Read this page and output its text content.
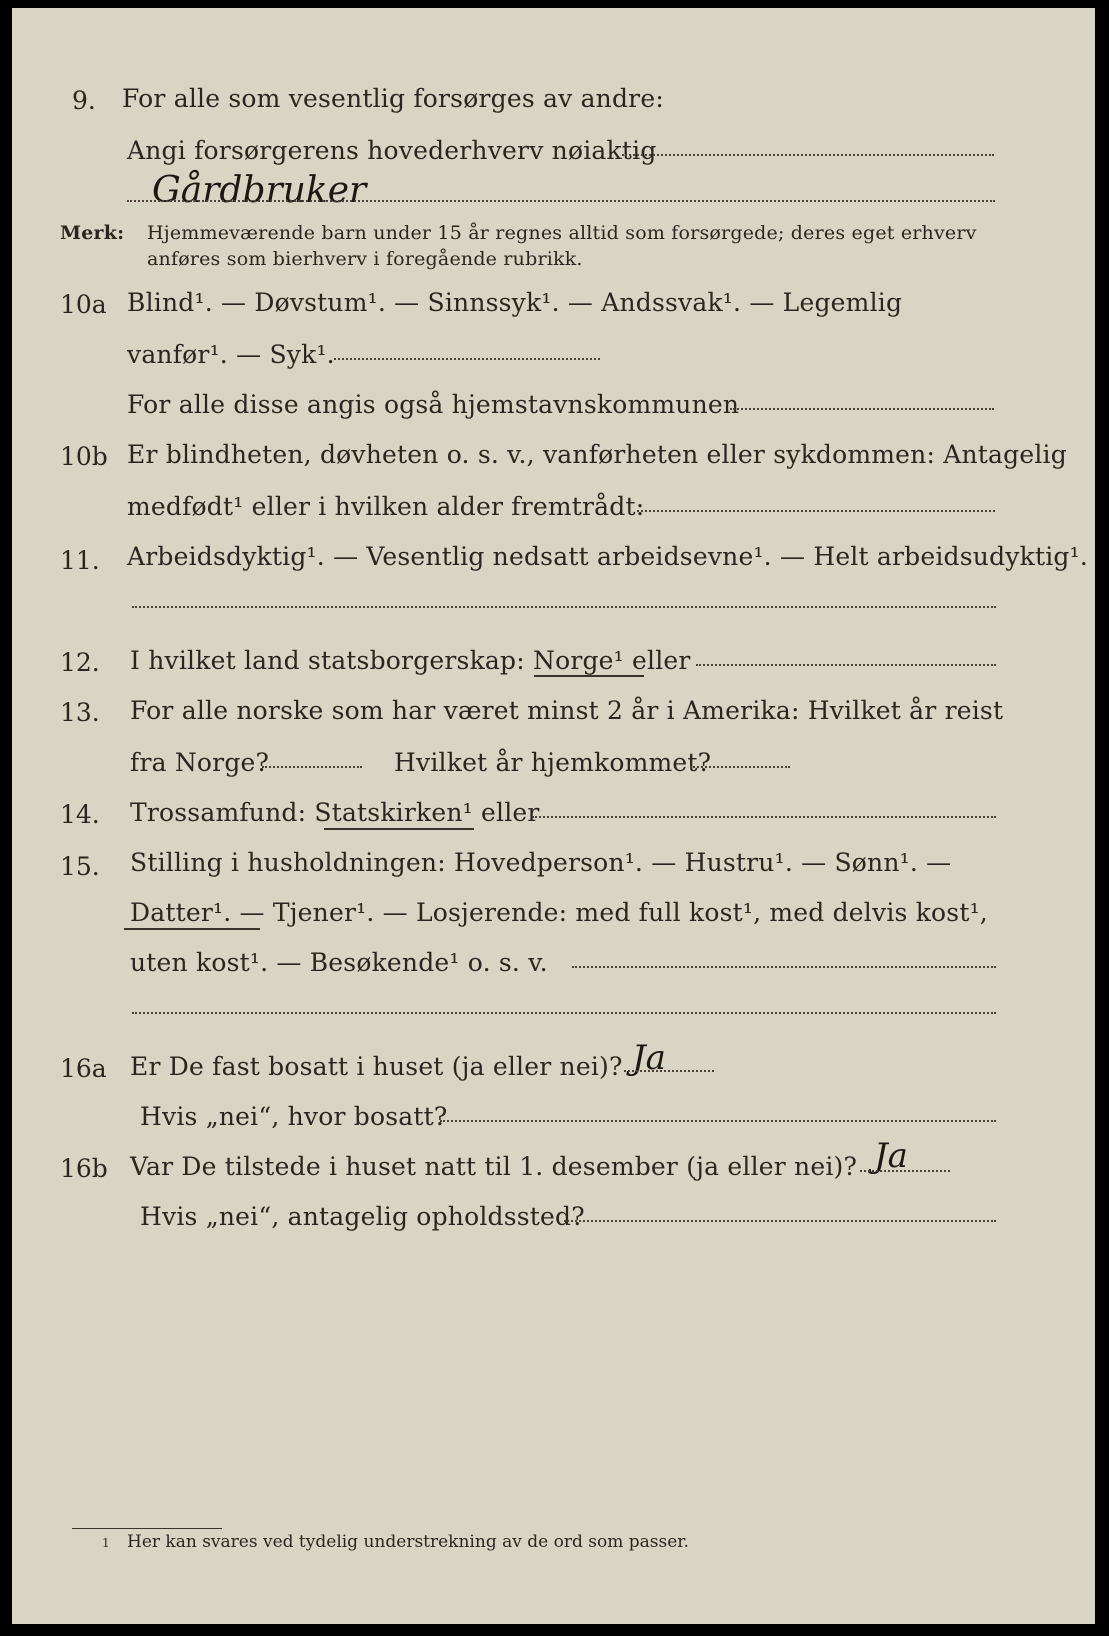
9. For alle som vesentlig forsørges av andre:
Angi forsørgerens hovederhverv nøiaktig
Gårdbruker
Merk: Hjemmeværende barn under 15 år regnes alltid som forsørgede; deres eget erhverv
anføres som bierhverv i foregående rubrikk.
10a Blind¹. — Døvstum¹. — Sinnssyk¹. — Andssvak¹. — Legemlig
vanfør¹. — Syk¹.
For alle disse angis også hjemstavnskommunen
10b Er blindheten, døvheten o. s. v., vanførheten eller sykdommen: Antagelig
medfødt¹ eller i hvilken alder fremtrådt:
11. Arbeidsdyktig¹. — Vesentlig nedsatt arbeidsevne¹. — Helt arbeidsudyktig¹.
12. I hvilket land statsborgerskap: Norge¹ eller
13. For alle norske som har været minst 2 år i Amerika: Hvilket år reist
fra Norge?	Hvilket år hjemkommet?
14. Trossamfund: Statskirken¹ eller
15. Stilling i husholdningen: Hovedperson¹. — Hustru¹. — Sønn¹. —
Datter¹. — Tjener¹. — Losjerende: med full kost¹, med delvis kost¹,
uten kost¹. — Besøkende¹ o. s. v.
16a Er De fast bosatt i huset (ja eller nei)? Ja
Hvis „nei“, hvor bosatt?
16b Var De tilstede i huset natt til 1. desember (ja eller nei)? Ja
Hvis „nei“, antagelig opholdssted?
1 Her kan svares ved tydelig understrekning av de ord som passer.
